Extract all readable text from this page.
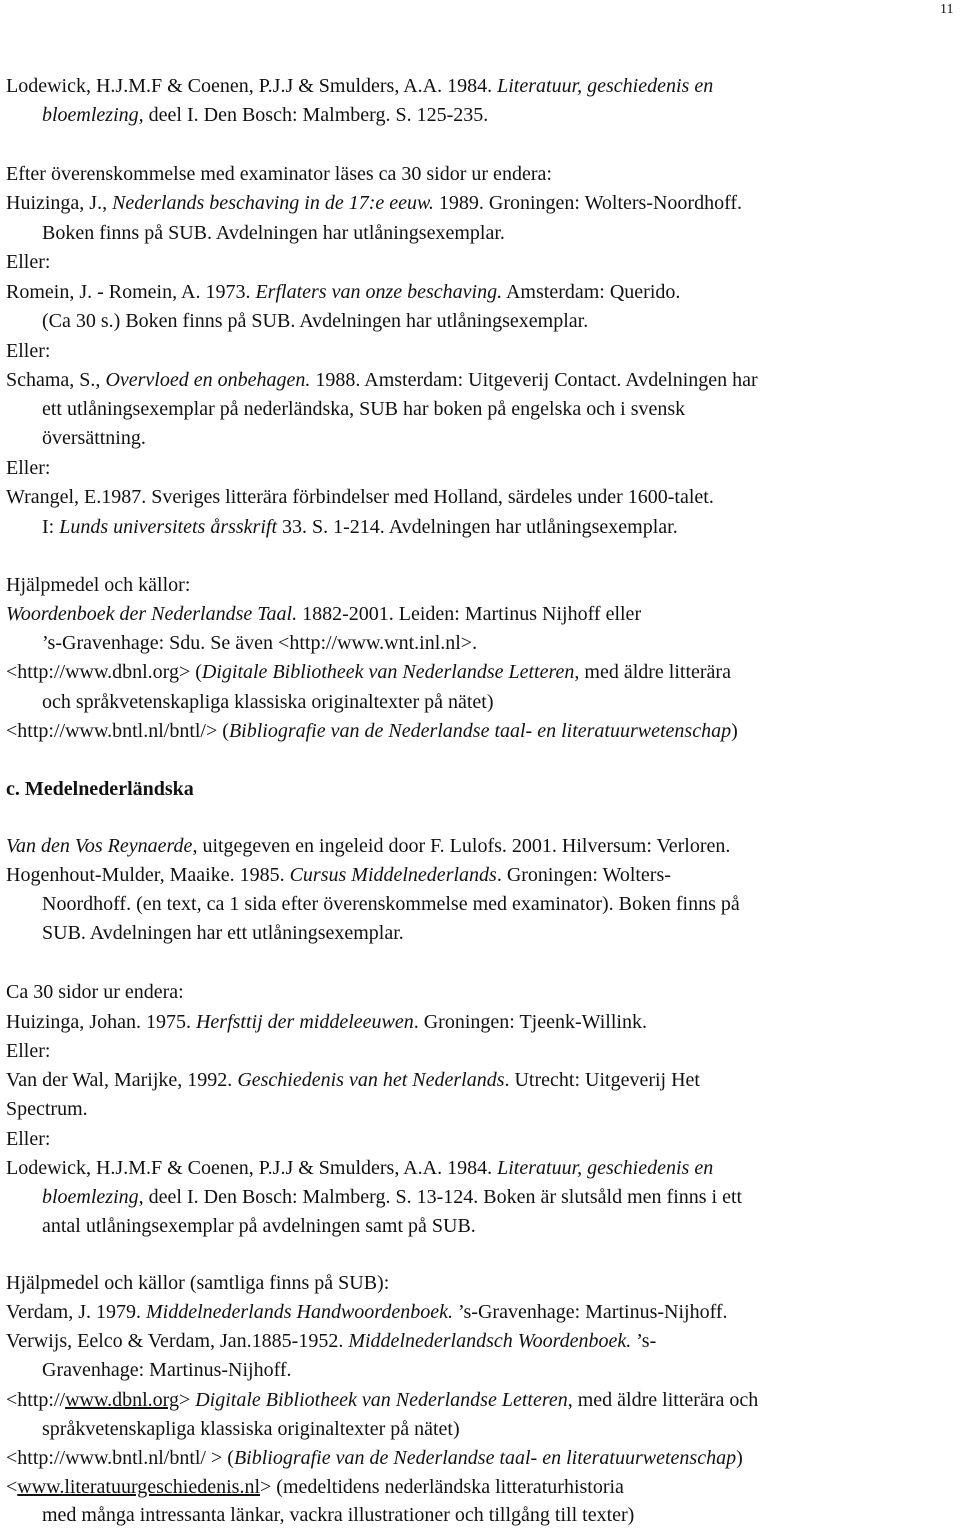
11
Lodewick, H.J.M.F & Coenen, P.J.J & Smulders, A.A. 1984. Literatuur, geschiedenis en
bloemlezing, deel I. Den Bosch: Malmberg. S. 125-235.
Efter överenskommelse med examinator läses ca 30 sidor ur endera:
Huizinga, J., Nederlands beschaving in de 17:e eeuw. 1989. Groningen: Wolters-Noordhoff.
Boken finns på SUB. Avdelningen har utlåningsexemplar.
Eller:
Romein, J. - Romein, A. 1973. Erflaters van onze beschaving. Amsterdam: Querido.
(Ca 30 s.) Boken finns på SUB. Avdelningen har utlåningsexemplar.
Eller:
Schama, S., Overvloed en onbehagen. 1988. Amsterdam: Uitgeverij Contact. Avdelningen har
ett utlåningsexemplar på nederländska, SUB har boken på engelska och i svensk
översättning.
Eller:
Wrangel, E.1987. Sveriges litterära förbindelser med Holland, särdeles under 1600-talet.
I: Lunds universitets årsskrift 33. S. 1-214. Avdelningen har utlåningsexemplar.
Hjälpmedel och källor:
Woordenboek der Nederlandse Taal. 1882-2001. Leiden: Martinus Nijhoff eller
’s-Gravenhage: Sdu. Se även <http://www.wnt.inl.nl>.
<http://www.dbnl.org> (Digitale Bibliotheek van Nederlandse Letteren, med äldre litterära
och språkvetenskapliga klassiska originaltexter på nätet)
<http://www.bntl.nl/bntl/> (Bibliografie van de Nederlandse taal- en literatuurwetenschap)
c. Medelnederländska
Van den Vos Reynaerde, uitgegeven en ingeleid door F. Lulofs. 2001. Hilversum: Verloren.
Hogenhout-Mulder, Maaike. 1985. Cursus Middelnederlands. Groningen: Wolters-
Noordhoff. (en text, ca 1 sida efter överenskommelse med examinator). Boken finns på
SUB. Avdelningen har ett utlåningsexemplar.
Ca 30 sidor ur endera:
Huizinga, Johan. 1975. Herfsttij der middeleeuwen. Groningen: Tjeenk-Willink.
Eller:
Van der Wal, Marijke, 1992. Geschiedenis van het Nederlands. Utrecht: Uitgeverij Het
Spectrum.
Eller:
Lodewick, H.J.M.F & Coenen, P.J.J & Smulders, A.A. 1984. Literatuur, geschiedenis en
bloemlezing, deel I. Den Bosch: Malmberg. S. 13-124. Boken är slutsåld men finns i ett
antal utlåningsexemplar på avdelningen samt på SUB.
Hjälpmedel och källor (samtliga finns på SUB):
Verdam, J. 1979. Middelnederlands Handwoordenboek. ’s-Gravenhage: Martinus-Nijhoff.
Verwijs, Eelco & Verdam, Jan.1885-1952. Middelnederlandsch Woordenboek. ’s-
Gravenhage: Martinus-Nijhoff.
<http://www.dbnl.org> Digitale Bibliotheek van Nederlandse Letteren, med äldre litterära och
språkvetenskapliga klassiska originaltexter på nätet)
<http://www.bntl.nl/bntl/ > (Bibliografie van de Nederlandse taal- en literatuurwetenschap)
<www.literatuurgeschiedenis.nl> (medeltidens nederländska litteraturhistoria
med många intressanta länkar, vackra illustrationer och tillgång till texter)
